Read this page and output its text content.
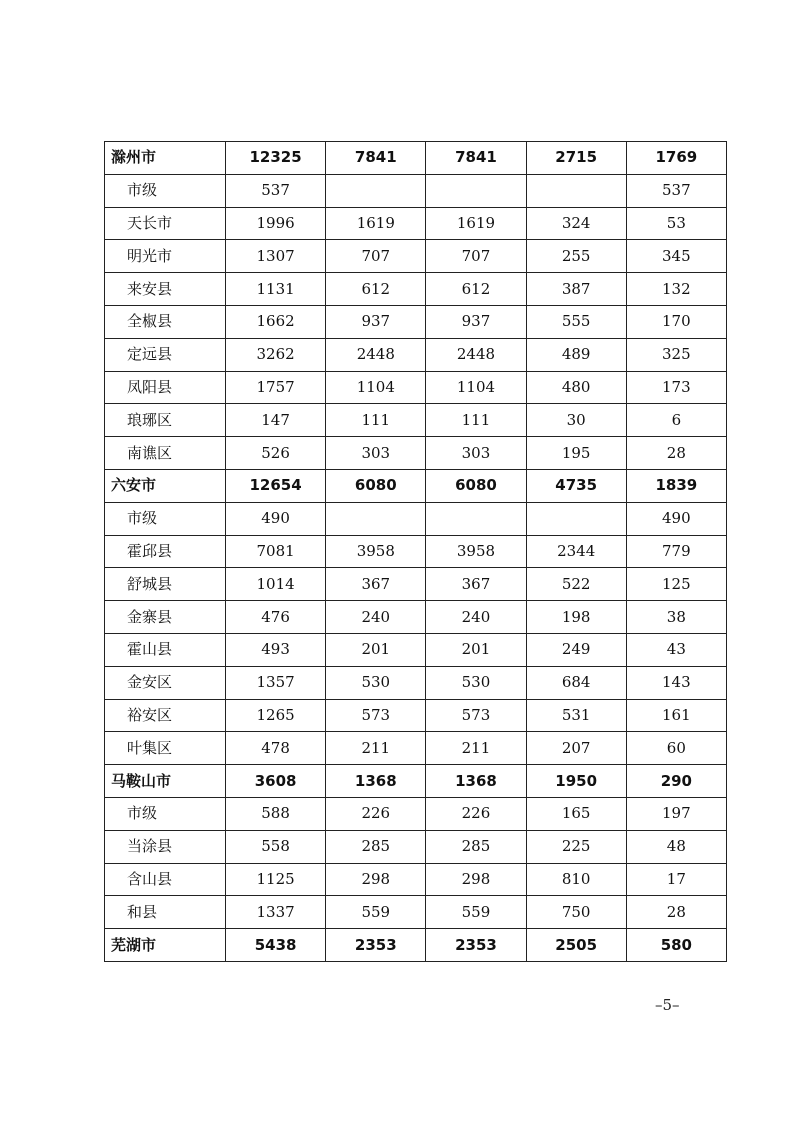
滁州市	12325	7841	7841	2715	1769
市级	537				537
天长市	1996	1619	1619	324	53
明光市	1307	707	707	255	345
来安县	1131	612	612	387	132
全椒县	1662	937	937	555	170
定远县	3262	2448	2448	489	325
凤阳县	1757	1104	1104	480	173
琅琊区	147	111	111	30	6
南谯区	526	303	303	195	28
六安市	12654	6080	6080	4735	1839
市级	490				490
霍邱县	7081	3958	3958	2344	779
舒城县	1014	367	367	522	125
金寨县	476	240	240	198	38
霍山县	493	201	201	249	43
金安区	1357	530	530	684	143
裕安区	1265	573	573	531	161
叶集区	478	211	211	207	60
马鞍山市	3608	1368	1368	1950	290
市级	588	226	226	165	197
当涂县	558	285	285	225	48
含山县	1125	298	298	810	17
和县	1337	559	559	750	28
芜湖市	5438	2353	2353	2505	580
–5–
